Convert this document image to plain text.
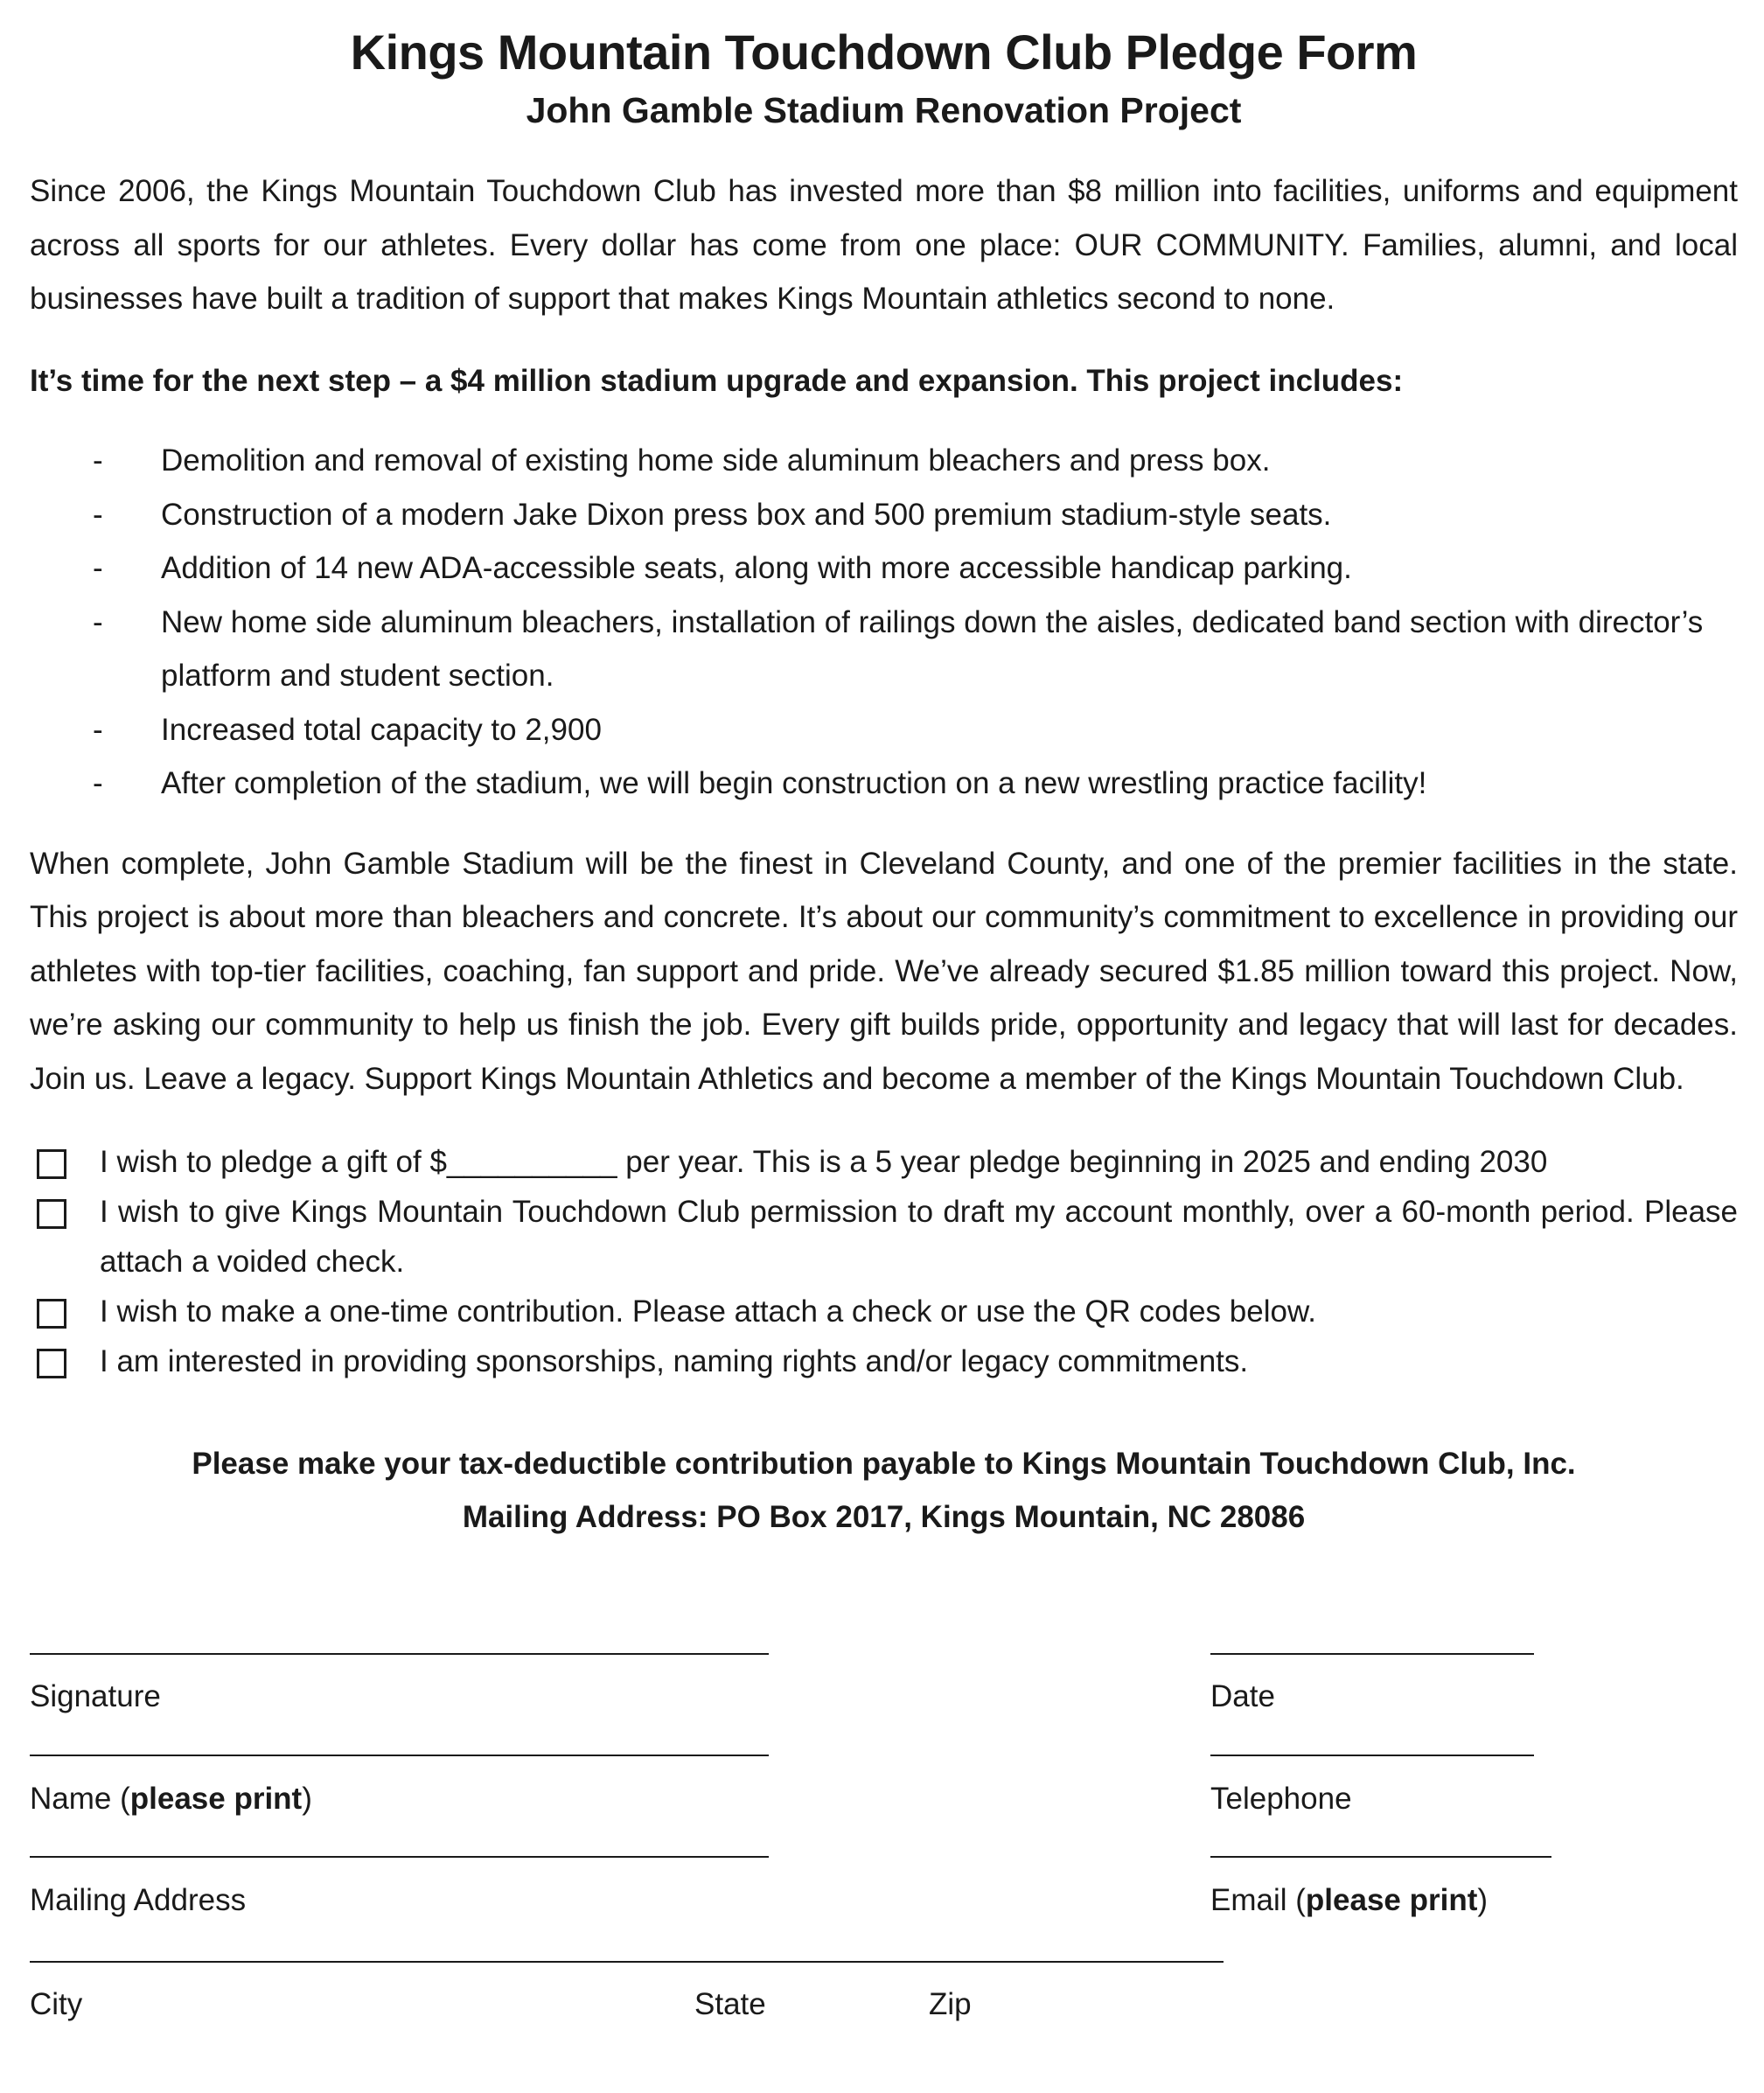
Kings Mountain Touchdown Club Pledge Form
John Gamble Stadium Renovation Project

Since 2006, the Kings Mountain Touchdown Club has invested more than $8 million into facilities, uniforms and equipment across all sports for our athletes. Every dollar has come from one place: OUR COMMUNITY. Families, alumni, and local businesses have built a tradition of support that makes Kings Mountain athletics second to none.

It’s time for the next step – a $4 million stadium upgrade and expansion. This project includes:

- Demolition and removal of existing home side aluminum bleachers and press box.
- Construction of a modern Jake Dixon press box and 500 premium stadium-style seats.
- Addition of 14 new ADA-accessible seats, along with more accessible handicap parking.
- New home side aluminum bleachers, installation of railings down the aisles, dedicated band section with director’s platform and student section.
- Increased total capacity to 2,900
- After completion of the stadium, we will begin construction on a new wrestling practice facility!

When complete, John Gamble Stadium will be the finest in Cleveland County, and one of the premier facilities in the state. This project is about more than bleachers and concrete. It’s about our community’s commitment to excellence in providing our athletes with top-tier facilities, coaching, fan support and pride. We’ve already secured $1.85 million toward this project. Now, we’re asking our community to help us finish the job. Every gift builds pride, opportunity and legacy that will last for decades. Join us. Leave a legacy. Support Kings Mountain Athletics and become a member of the Kings Mountain Touchdown Club.

I wish to pledge a gift of $__________ per year. This is a 5 year pledge beginning in 2025 and ending 2030
I wish to give Kings Mountain Touchdown Club permission to draft my account monthly, over a 60-month period. Please attach a voided check.
I wish to make a one-time contribution. Please attach a check or use the QR codes below.
I am interested in providing sponsorships, naming rights and/or legacy commitments.
Please make your tax-deductible contribution payable to Kings Mountain Touchdown Club, Inc.
Mailing Address: PO Box 2017, Kings Mountain, NC 28086
Signature	Date
Name (please print)	Telephone
Mailing Address	Email (please print)
City	State	Zip
